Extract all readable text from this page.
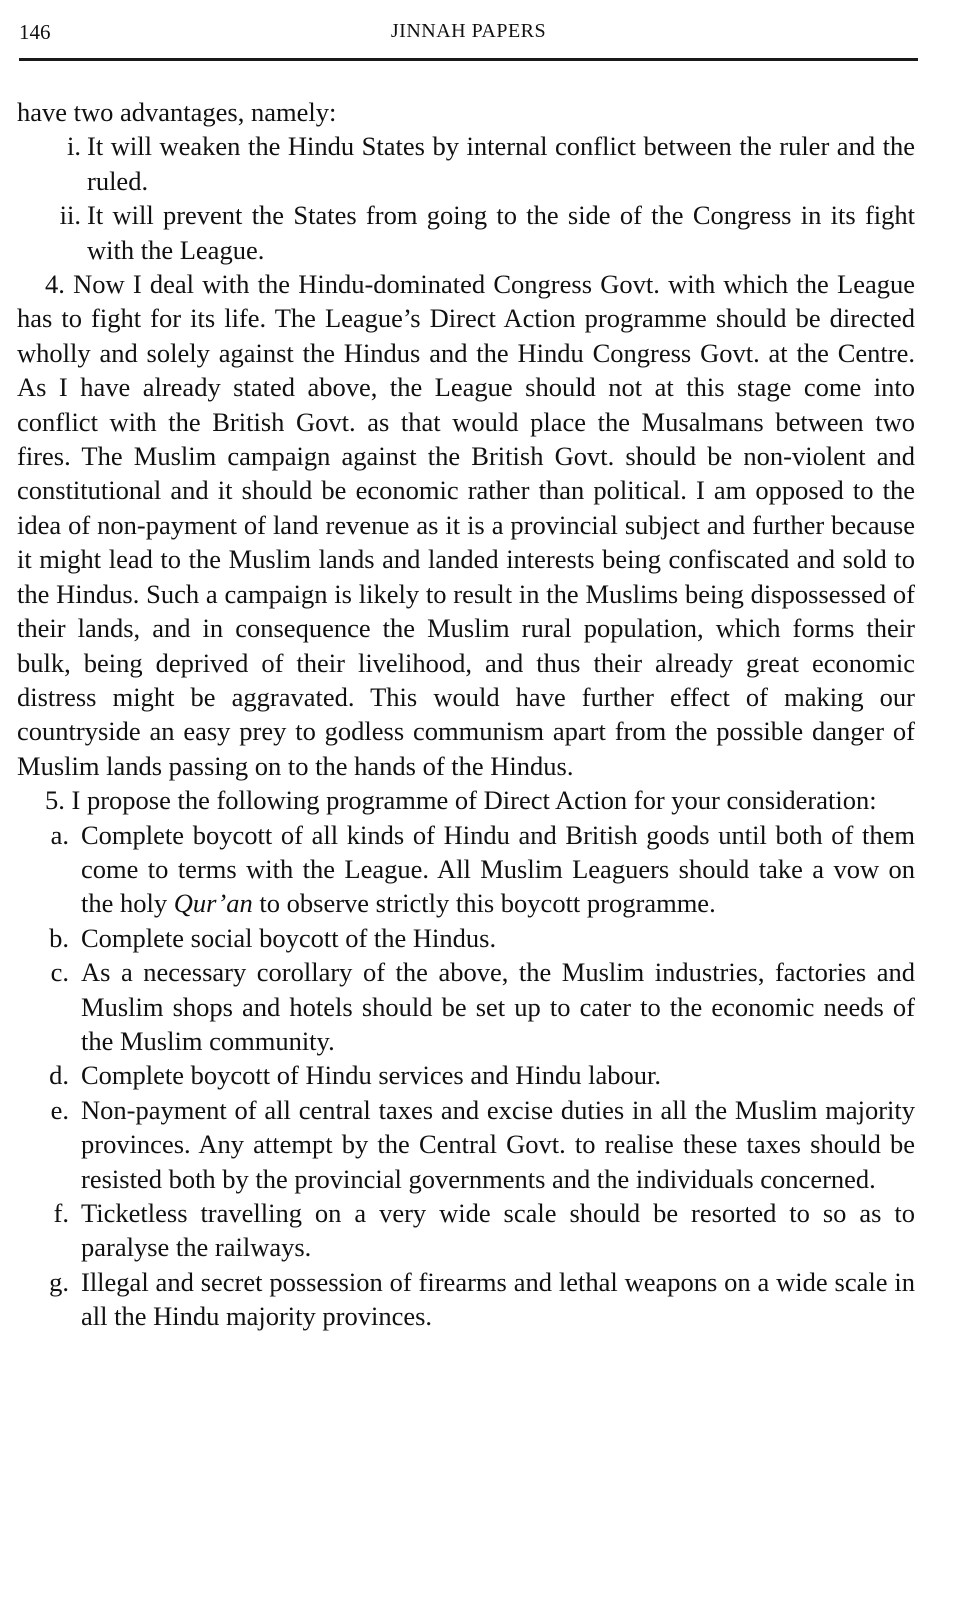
146	JINNAH PAPERS

have two advantages, namely:

i. It will weaken the Hindu States by internal conflict between the ruler and the ruled.

ii. It will prevent the States from going to the side of the Congress in its fight with the League.

4. Now I deal with the Hindu-dominated Congress Govt. with which the League has to fight for its life. The League’s Direct Action programme should be directed wholly and solely against the Hindus and the Hindu Congress Govt. at the Centre. As I have already stated above, the League should not at this stage come into conflict with the British Govt. as that would place the Musalmans between two fires. The Muslim campaign against the British Govt. should be non-violent and constitutional and it should be economic rather than political. I am opposed to the idea of non-payment of land revenue as it is a provincial subject and further because it might lead to the Muslim lands and landed interests being confiscated and sold to the Hindus. Such a campaign is likely to result in the Muslims being dispossessed of their lands, and in consequence the Muslim rural population, which forms their bulk, being deprived of their livelihood, and thus their already great economic distress might be aggravated. This would have further effect of making our countryside an easy prey to godless communism apart from the possible danger of Muslim lands passing on to the hands of the Hindus.

5. I propose the following programme of Direct Action for your consideration:

a. Complete boycott of all kinds of Hindu and British goods until both of them come to terms with the League. All Muslim Leaguers should take a vow on the holy Qur’an to observe strictly this boycott programme.

b. Complete social boycott of the Hindus.

c. As a necessary corollary of the above, the Muslim industries, factories and Muslim shops and hotels should be set up to cater to the economic needs of the Muslim community.

d. Complete boycott of Hindu services and Hindu labour.

e. Non-payment of all central taxes and excise duties in all the Muslim majority provinces. Any attempt by the Central Govt. to realise these taxes should be resisted both by the provincial governments and the individuals concerned.

f. Ticketless travelling on a very wide scale should be resorted to so as to paralyse the railways.

g. Illegal and secret possession of firearms and lethal weapons on a wide scale in all the Hindu majority provinces.
